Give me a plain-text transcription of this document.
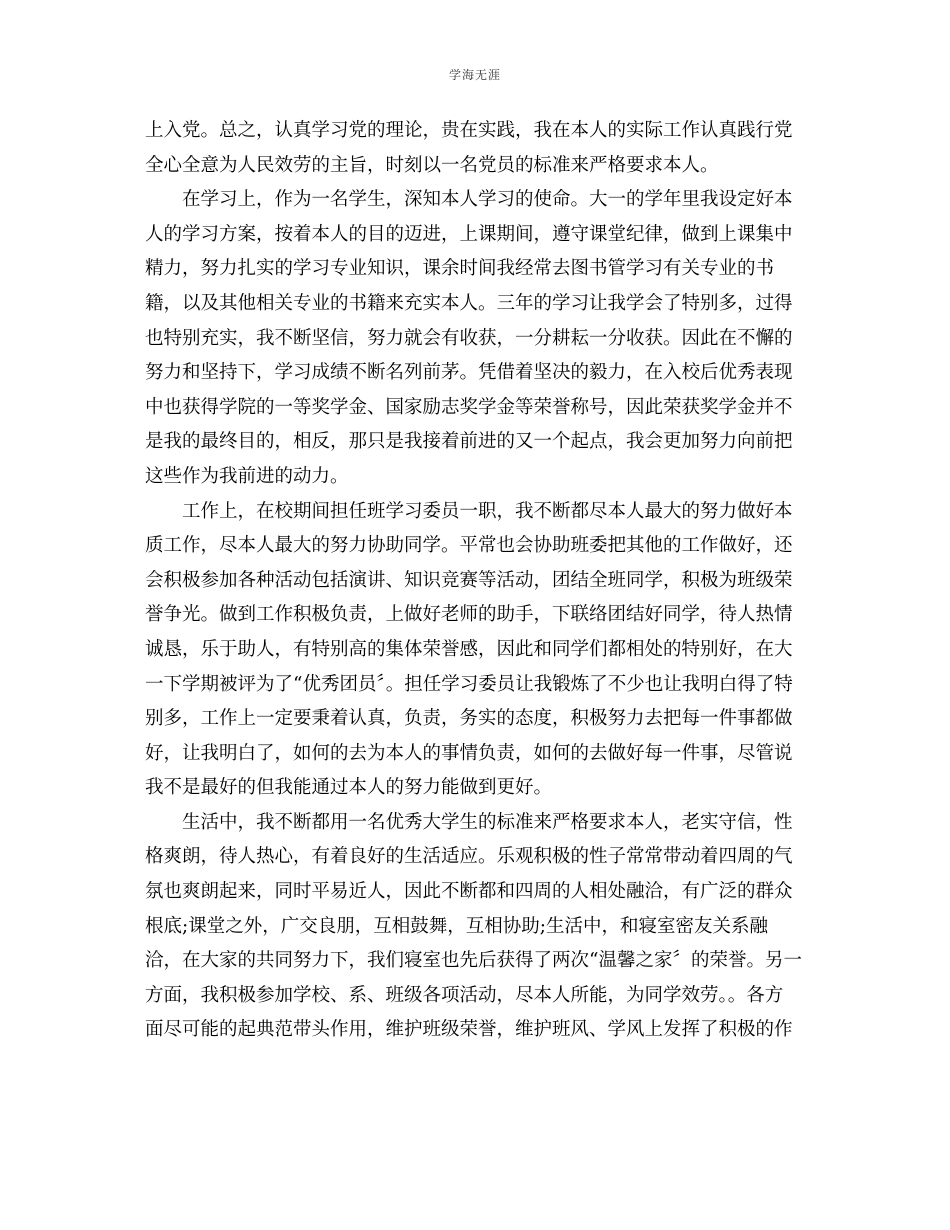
学海无涯
上入党。总之，认真学习党的理论，贵在实践，我在本人的实际工作认真践行党
全心全意为人民效劳的主旨，时刻以一名党员的标准来严格要求本人。
在学习上，作为一名学生，深知本人学习的使命。大一的学年里我设定好本
人的学习方案，按着本人的目的迈进，上课期间，遵守课堂纪律，做到上课集中
精力，努力扎实的学习专业知识，课余时间我经常去图书管学习有关专业的书
籍，以及其他相关专业的书籍来充实本人。三年的学习让我学会了特别多，过得
也特别充实，我不断坚信，努力就会有收获，一分耕耘一分收获。因此在不懈的
努力和坚持下，学习成绩不断名列前茅。凭借着坚决的毅力，在入校后优秀表现
中也获得学院的一等奖学金、国家励志奖学金等荣誉称号，因此荣获奖学金并不
是我的最终目的，相反，那只是我接着前进的又一个起点，我会更加努力向前把
这些作为我前进的动力。
工作上，在校期间担任班学习委员一职，我不断都尽本人最大的努力做好本
质工作，尽本人最大的努力协助同学。平常也会协助班委把其他的工作做好，还
会积极参加各种活动包括演讲、知识竞赛等活动，团结全班同学，积极为班级荣
誉争光。做到工作积极负责，上做好老师的助手，下联络团结好同学，待人热情
诚恳，乐于助人，有特别高的集体荣誉感，因此和同学们都相处的特别好，在大
一下学期被评为了“优秀团员〞。担任学习委员让我锻炼了不少也让我明白得了特
别多，工作上一定要秉着认真，负责，务实的态度，积极努力去把每一件事都做
好，让我明白了，如何的去为本人的事情负责，如何的去做好每一件事，尽管说
我不是最好的但我能通过本人的努力能做到更好。
生活中，我不断都用一名优秀大学生的标准来严格要求本人，老实守信，性
格爽朗，待人热心，有着良好的生活适应。乐观积极的性子常常带动着四周的气
氛也爽朗起来，同时平易近人，因此不断都和四周的人相处融洽，有广泛的群众
根底;课堂之外，广交良朋，互相鼓舞，互相协助;生活中，和寝室密友关系融
洽，在大家的共同努力下，我们寝室也先后获得了两次“温馨之家〞的荣誉。另一
方面，我积极参加学校、系、班级各项活动，尽本人所能，为同学效劳。。各方
面尽可能的起典范带头作用，维护班级荣誉，维护班风、学风上发挥了积极的作
